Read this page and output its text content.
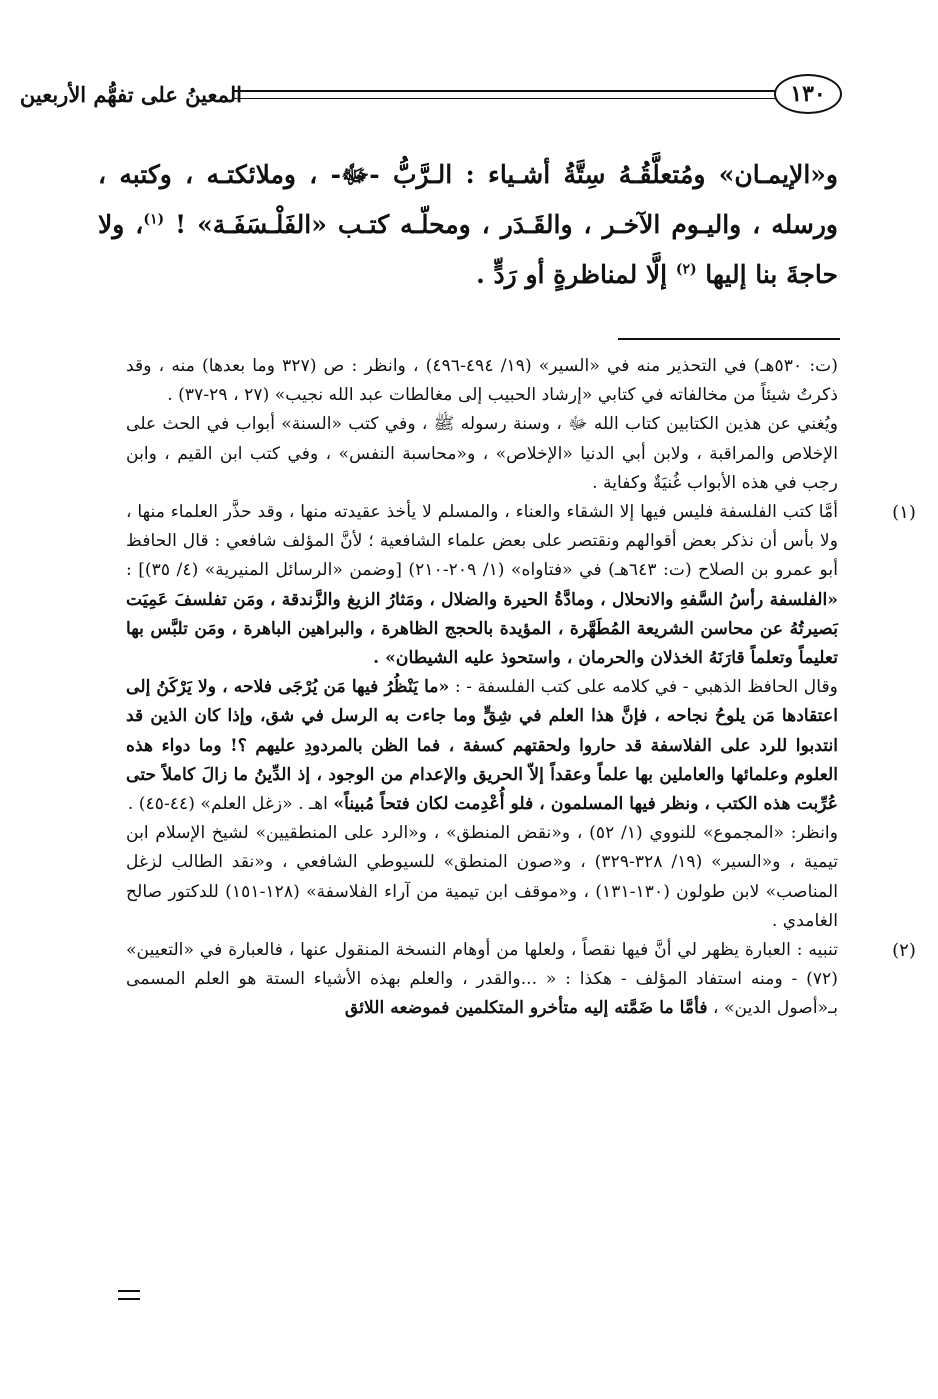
١٣٠
المعينُ على تفهُّم الأربعين

و«الإيمـان» ومُتعلَّقُـهُ سِتَّةُ أشـياء : الـرَّبُّ -ﷻ- ، وملائكتـه ، وكتبه ، ورسله ، واليـوم الآخـر ، والقَـدَر ، ومحلّـه كتـب «الفَلْـسَفَـة» ! $^{(١)}$، ولا حاجةَ بنا إليها $^{(٢)}$ إلَّا لمناظرةٍ أو رَدٍّ .

(ت: ٥٣٠هـ) في التحذير منه في «السير» (١٩/ ٤٩٤-٤٩٦) ، وانظر : ص (٣٢٧ وما بعدها) منه ، وقد ذكرتُ شيئاً من مخالفاته في كتابي «إرشاد الحبيب إلى مغالطات عبد الله نجيب» (٢٧ ، ٢٩-٣٧) .

ويُغني عن هذين الكتابين كتاب الله ﷻ ، وسنة رسوله ﷺ ، وفي كتب «السنة» أبواب في الحث على الإخلاص والمراقبة ، ولابن أبي الدنيا «الإخلاص» ، و«محاسبة النفس» ، وفي كتب ابن القيم ، وابن رجب في هذه الأبواب غُنيَةٌ وكفاية .

(١)

أمَّا كتب الفلسفة فليس فيها إلا الشقاء والعناء ، والمسلم لا يأخذ عقيدته منها ، وقد حذَّر العلماء منها ، ولا بأس أن نذكر بعض أقوالهم ونقتصر على بعض علماء الشافعية ؛ لأنَّ المؤلف شافعي : قال الحافظ أبو عمرو بن الصلاح (ت: ٦٤٣هـ) في «فتاواه» (١/ ٢٠٩-٢١٠) [وضمن «الرسائل المنيرية» (٤/ ٣٥)] : «الفلسفة رأسُ السَّفهِ والانحلال ، ومادَّةُ الحيرة والضلال ، ومَثارُ الزيغ والزَّندقة ، ومَن تفلسفَ عَمِيَت بَصيرتُهُ عن محاسن الشريعة المُطَهَّرة ، المؤيدة بالحجج الظاهرة ، والبراهين الباهرة ، ومَن تلبَّس بها تعليماً وتعلماً قارَنَهُ الخذلان والحرمان ، واستحوذ عليه الشيطان» .

وقال الحافظ الذهبي - في كلامه على كتب الفلسفة - : «ما يَنْظُرُ فيها مَن يُرْجَى فلاحه ، ولا يَرْكَنُ إلى اعتقادها مَن يلوحُ نجاحه ، فإنَّ هذا العلم في شِقٍّ وما جاءت به الرسل في شق، وإذا كان الذين قد انتدبوا للرد على الفلاسفة قد حاروا ولحقتهم كسفة ، فما الظن بالمردودِ عليهم ؟! وما دواء هذه العلوم وعلمائها والعاملين بها علماً وعقداً إلاّ الحريق والإعدام من الوجود ، إذ الدِّينُ ما زالَ كاملاً حتى عُرِّبت هذه الكتب ، ونظر فيها المسلمون ، فلو أُعْدِمت لكان فتحاً مُبيناً» اهـ . «زغل العلم» (٤٤-٤٥) .

وانظر: «المجموع» للنووي (١/ ٥٢) ، و«نقض المنطق» ، و«الرد على المنطقيين» لشيخ الإسلام ابن تيمية ، و«السير» (١٩/ ٣٢٨-٣٢٩) ، و«صون المنطق» للسيوطي الشافعي ، و«نقد الطالب لزغل المناصب» لابن طولون (١٣٠-١٣١) ، و«موقف ابن تيمية من آراء الفلاسفة» (١٢٨-١٥١) للدكتور صالح الغامدي .

(٢)

تنبيه : العبارة يظهر لي أنَّ فيها نقصاً ، ولعلها من أوهام النسخة المنقول عنها ، فالعبارة في «التعيين» (٧٢) - ومنه استفاد المؤلف - هكذا : « ...والقدر ، والعلم بهذه الأشياء الستة هو العلم المسمى بـ«أصول الدين» ، فأمَّا ما ضَمَّته إليه متأخرو المتكلمين فموضعه اللائق
